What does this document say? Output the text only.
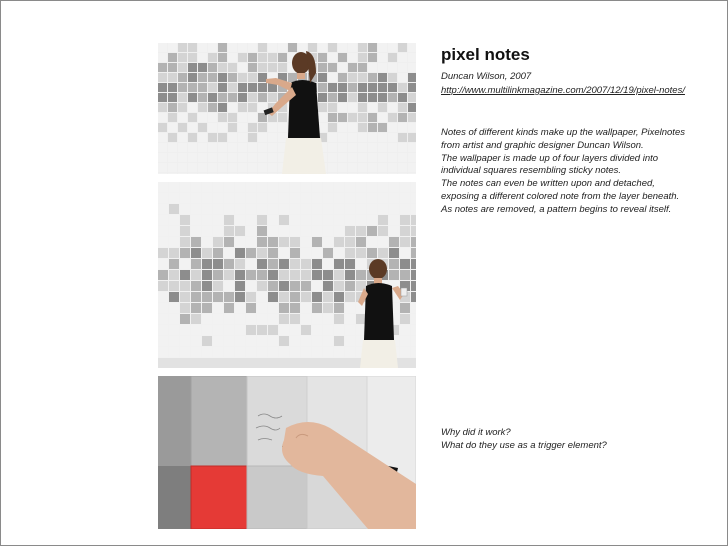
pixel notes
Duncan Wilson, 2007
http://www.multilinkmagazine.com/2007/12/19/pixel-notes/
Notes of different kinds make up the wallpaper, Pixelnotes
from artist and graphic designer Duncan Wilson.
The wallpaper is made up of four layers divided into
individual squares resembling sticky notes.
The notes can even be written upon and detached,
exposing a different colored note from the layer beneath.
As notes are removed, a pattern begins to reveal itself.
Why did it work?
What do they use as a trigger element?
